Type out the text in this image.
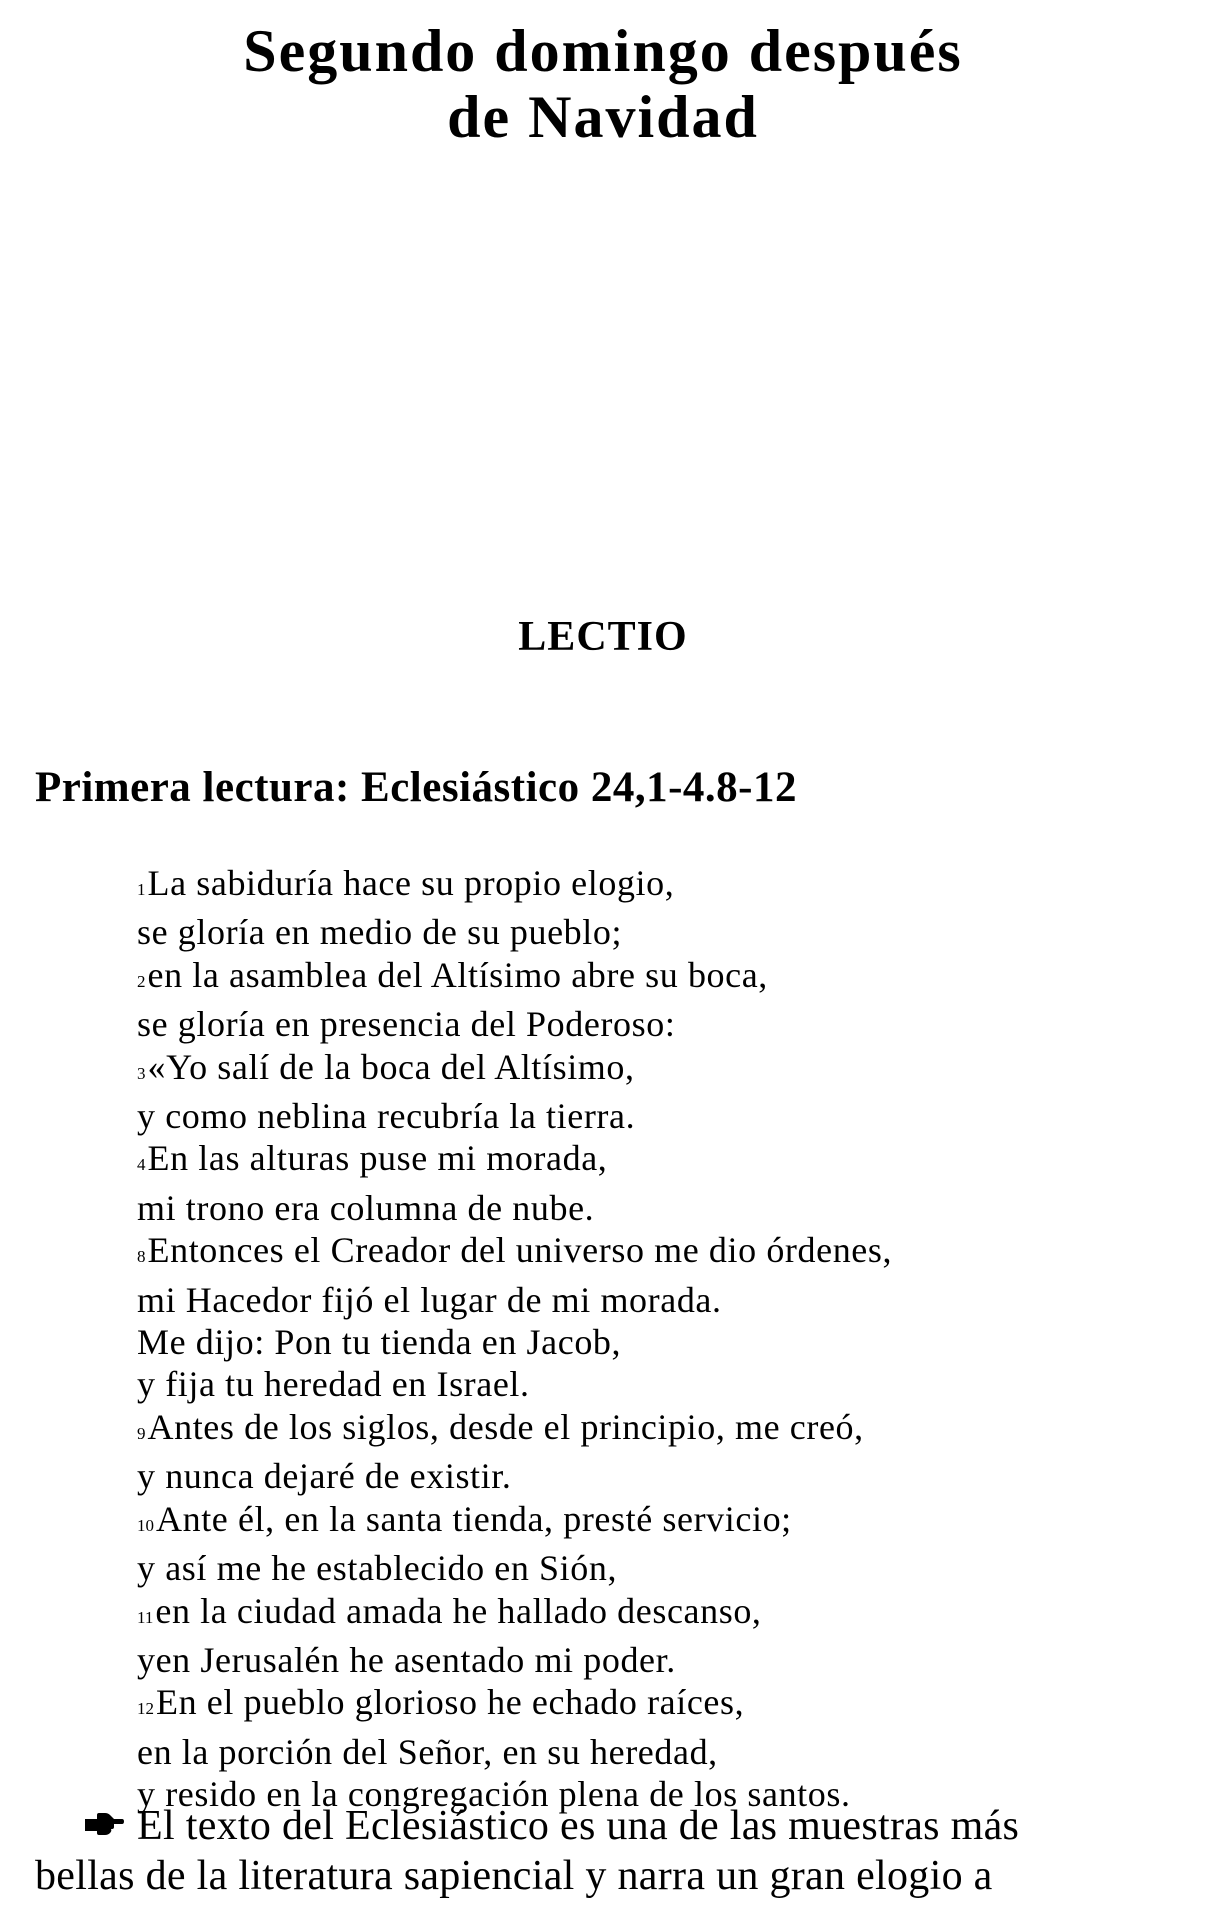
Segundo domingo después
de Navidad
LECTIO
Primera lectura: Eclesiástico 24,1-4.8-12
1La sabiduría hace su propio elogio,
se gloría en medio de su pueblo;
2en la asamblea del Altísimo abre su boca,
se gloría en presencia del Poderoso:
3«Yo salí de la boca del Altísimo,
y como neblina recubría la tierra.
4En las alturas puse mi morada,
mi trono era columna de nube.
8Entonces el Creador del universo me dio órdenes,
mi Hacedor fijó el lugar de mi morada.
Me dijo: Pon tu tienda en Jacob,
y fija tu heredad en Israel.
9Antes de los siglos, desde el principio, me creó,
y nunca dejaré de existir.
10Ante él, en la santa tienda, presté servicio;
y así me he establecido en Sión,
11en la ciudad amada he hallado descanso,
yen Jerusalén he asentado mi poder.
12En el pueblo glorioso he echado raíces,
en la porción del Señor, en su heredad,
y resido en la congregación plena de los santos.
El texto del Eclesiástico es una de las muestras más
bellas de la literatura sapiencial y narra un gran elogio a
